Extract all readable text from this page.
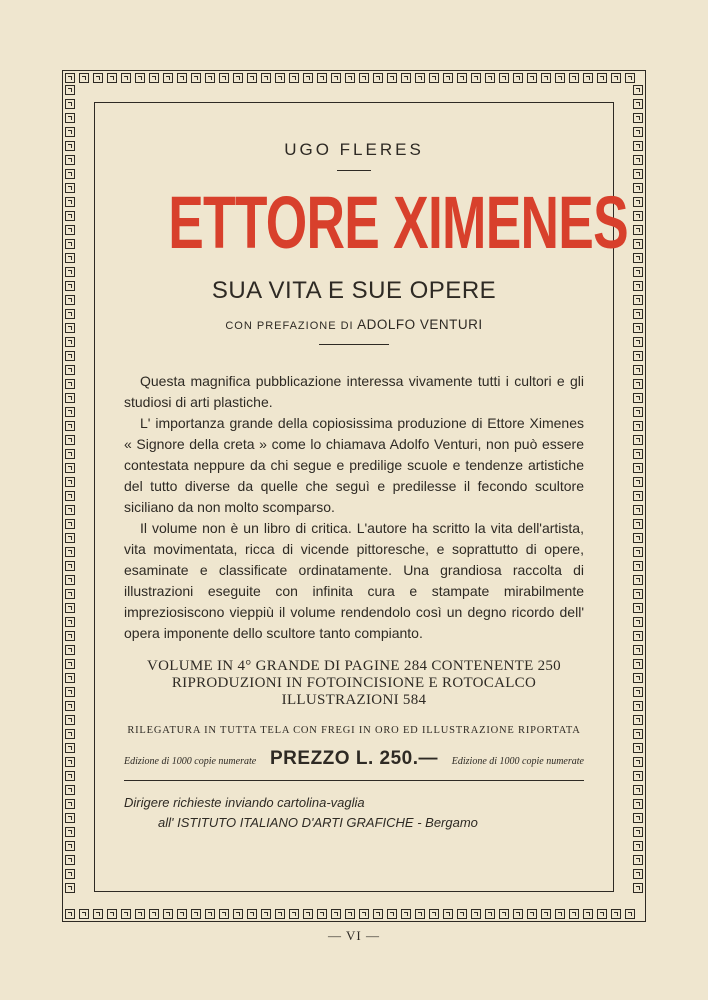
UGO FLERES
ETTORE XIMENES
SUA VITA E SUE OPERE
CON PREFAZIONE DI ADOLFO VENTURI

Questa magnifica pubblicazione interessa vivamente tutti i cultori e gli studiosi di arti plastiche.

L' importanza grande della copiosissima produzione di Ettore Ximenes « Signore della creta » come lo chiamava Adolfo Venturi, non può essere contestata neppure da chi segue e predilige scuole e tendenze artistiche del tutto diverse da quelle che seguì e predilesse il fecondo scultore siciliano da non molto scomparso.

Il volume non è un libro di critica. L'autore ha scritto la vita dell'artista, vita movimentata, ricca di vicende pittoresche, e soprattutto di opere, esaminate e classificate ordinatamente. Una grandiosa raccolta di illustrazioni eseguite con infinita cura e stampate mirabilmente impreziosiscono vieppiù il volume rendendolo così un degno ricordo dell' opera imponente dello scultore tanto compianto.

VOLUME IN 4° GRANDE DI PAGINE 284 CONTENENTE 250
RIPRODUZIONI IN FOTOINCISIONE E ROTOCALCO
ILLUSTRAZIONI 584
RILEGATURA IN TUTTA TELA CON FREGI IN ORO ED ILLUSTRAZIONE RIPORTATA
Edizione di 1000 copie numerate PREZZO L. 250.— Edizione di 1000 copie numerate
Dirigere richieste inviando cartolina-vaglia
all' ISTITUTO ITALIANO D'ARTI GRAFICHE - Bergamo
— VI —
